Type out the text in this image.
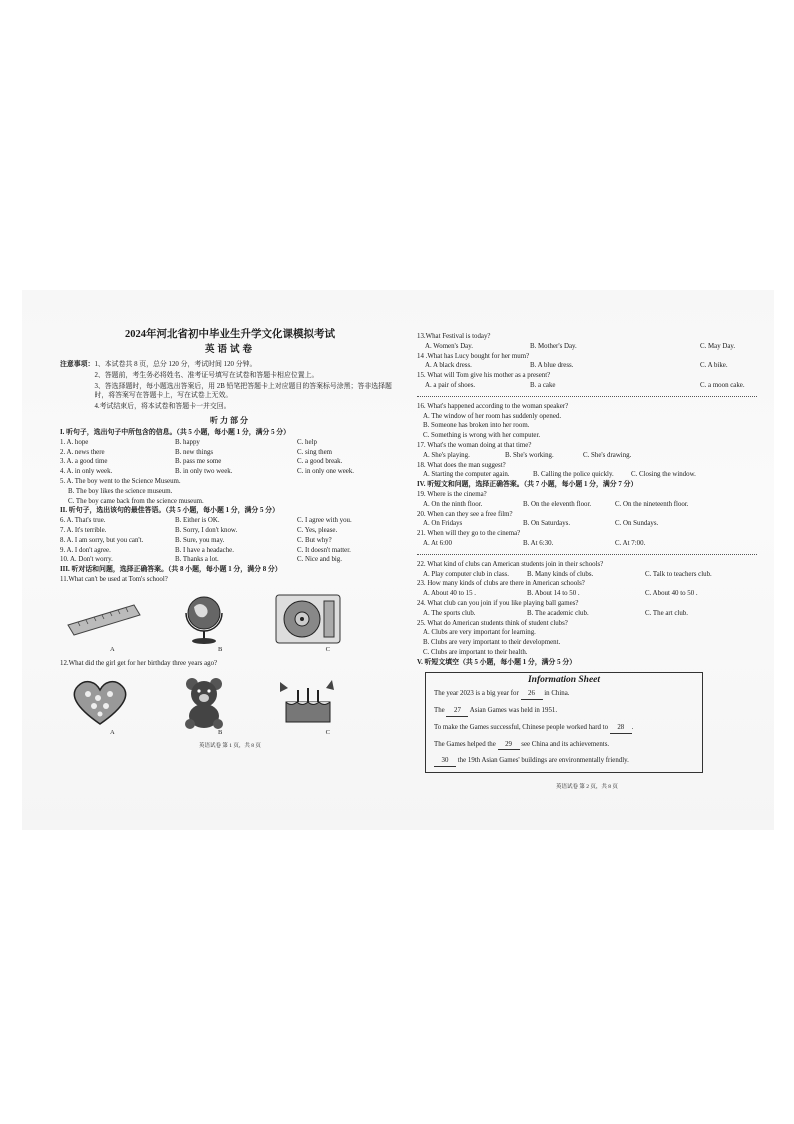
2024年河北省初中毕业生升学文化课模拟考试
英语试卷
注意事项： 1、本试卷共 8 页，总分 120 分，考试时间 120 分钟。
2、答题前，考生务必将姓名、准考证号填写在试卷和答题卡相应位置上。
3、答选择题时，每小题选出答案后，用 2B 铅笔把答题卡上对应题目的答案标号涂黑；答非选择题时，将答案写在答题卡上，写在试卷上无效。
4.考试结束后，将本试卷和答题卡一并交回。
听力部分
I. 听句子，选出句子中所包含的信息。（共 5 小题，每小题 1 分，满分 5 分）
1. A. hope	B. happy	C. help
2. A. news there	B. new things	C. sing them
3. A. a good time	B. pass me some	C. a good break.
4. A. in only week.	B. in only two week.	C. in only one week.
5. A. The boy went to the Science Museum.
B. The boy likes the science museum.
C. The boy came back from the science museum.
II. 听句子，选出该句的最佳答语。（共 5 小题，每小题 1 分，满分 5 分）
6. A. That's true.	B. Either is OK.	C. I agree with you.
7. A. It's terrible.	B. Sorry, I don't know.	C. Yes, please.
8. A. I am sorry, but you can't.	B. Sure, you may.	C. But why?
9. A. I don't agree.	B. I have a headache.	C. It doesn't matter.
10. A. Don't worry.	B. Thanks a lot.	C. Nice and big.
III. 听对话和问题，选择正确答案。（共 8 小题，每小题 1 分，满分 8 分）
11.What can't be used at Tom's school?
A	B	C
12.What did the girl get for her birthday three years ago?
A	B	C
英语试卷 第 1 页，共 8 页
13.What Festival is today?
A. Women's Day.	B. Mother's Day.	C. May Day.
14 .What has Lucy bought for her mum?
A. A black dress.	B. A blue dress.	C. A bike.
15. What will Tom give his mother as a present?
A. a pair of shoes.	B. a cake	C. a moon cake.
16. What's happened according to the woman speaker?
A. The window of her room has suddenly opened.
B. Someone has broken into her room.
C. Something is wrong with her computer.
17. What's the woman doing at that time?
A. She's playing.	B. She's working.	C. She's drawing.
18. What does the man suggest?
A. Starting the computer again.	B. Calling the police quickly.	C. Closing the window.
IV. 听短文和问题，选择正确答案。（共 7 小题，每小题 1 分，满分 7 分）
19. Where is the cinema?
A. On the ninth floor.	B. On the eleventh floor.	C. On the nineteenth floor.
20. When can they see a free film?
A. On Fridays	B. On Saturdays.	C. On Sundays.
21. When will they go to the cinema?
A. At 6:00	B. At 6:30.	C. At 7:00.
22. What kind of clubs can American students join in their schools?
A. Play computer club in class.	B. Many kinds of clubs.	C. Talk to teachers club.
23. How many kinds of clubs are there in American schools?
A. About 40 to 15 .	B. About 14 to 50 .	C. About 40 to 50 .
24. What club can you join if you like playing ball games?
A. The sports club.	B. The academic club.	C. The art club.
25. What do American students think of student clubs?
A. Clubs are very important for learning.
B. Clubs are very important to their development.
C. Clubs are important to their health.
V. 听短文填空（共 5 小题，每小题 1 分，满分 5 分）
Information Sheet
The year 2023 is a big year for 26 in China.
The 27 Asian Games was held in 1951.
To make the Games successful, Chinese people worked hard to 28 .
The Games helped the 29 see China and its achievements.
30 the 19th Asian Games' buildings are environmentally friendly.
英语试卷 第 2 页，共 8 页
